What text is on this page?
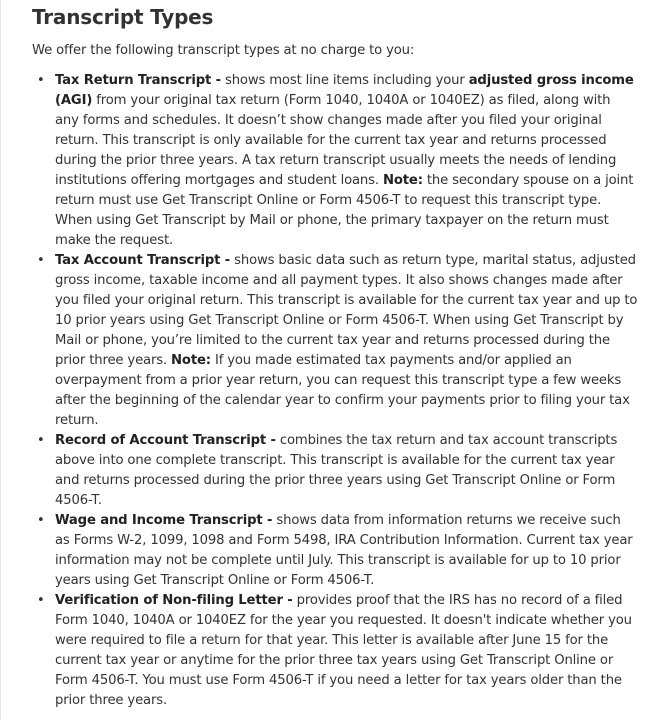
Transcript Types

We offer the following transcript types at no charge to you:

• Tax Return Transcript - shows most line items including your adjusted gross income (AGI) from your original tax return (Form 1040, 1040A or 1040EZ) as filed, along with any forms and schedules. It doesn’t show changes made after you filed your original return. This transcript is only available for the current tax year and returns processed during the prior three years. A tax return transcript usually meets the needs of lending institutions offering mortgages and student loans. Note: the secondary spouse on a joint return must use Get Transcript Online or Form 4506-T to request this transcript type. When using Get Transcript by Mail or phone, the primary taxpayer on the return must make the request.
• Tax Account Transcript - shows basic data such as return type, marital status, adjusted gross income, taxable income and all payment types. It also shows changes made after you filed your original return. This transcript is available for the current tax year and up to 10 prior years using Get Transcript Online or Form 4506-T. When using Get Transcript by Mail or phone, you’re limited to the current tax year and returns processed during the prior three years. Note: If you made estimated tax payments and/or applied an overpayment from a prior year return, you can request this transcript type a few weeks after the beginning of the calendar year to confirm your payments prior to filing your tax return.
• Record of Account Transcript - combines the tax return and tax account transcripts above into one complete transcript. This transcript is available for the current tax year and returns processed during the prior three years using Get Transcript Online or Form 4506-T.
• Wage and Income Transcript - shows data from information returns we receive such as Forms W-2, 1099, 1098 and Form 5498, IRA Contribution Information. Current tax year information may not be complete until July. This transcript is available for up to 10 prior years using Get Transcript Online or Form 4506-T.
• Verification of Non-filing Letter - provides proof that the IRS has no record of a filed Form 1040, 1040A or 1040EZ for the year you requested. It doesn't indicate whether you were required to file a return for that year. This letter is available after June 15 for the current tax year or anytime for the prior three tax years using Get Transcript Online or Form 4506-T. You must use Form 4506-T if you need a letter for tax years older than the prior three years.
